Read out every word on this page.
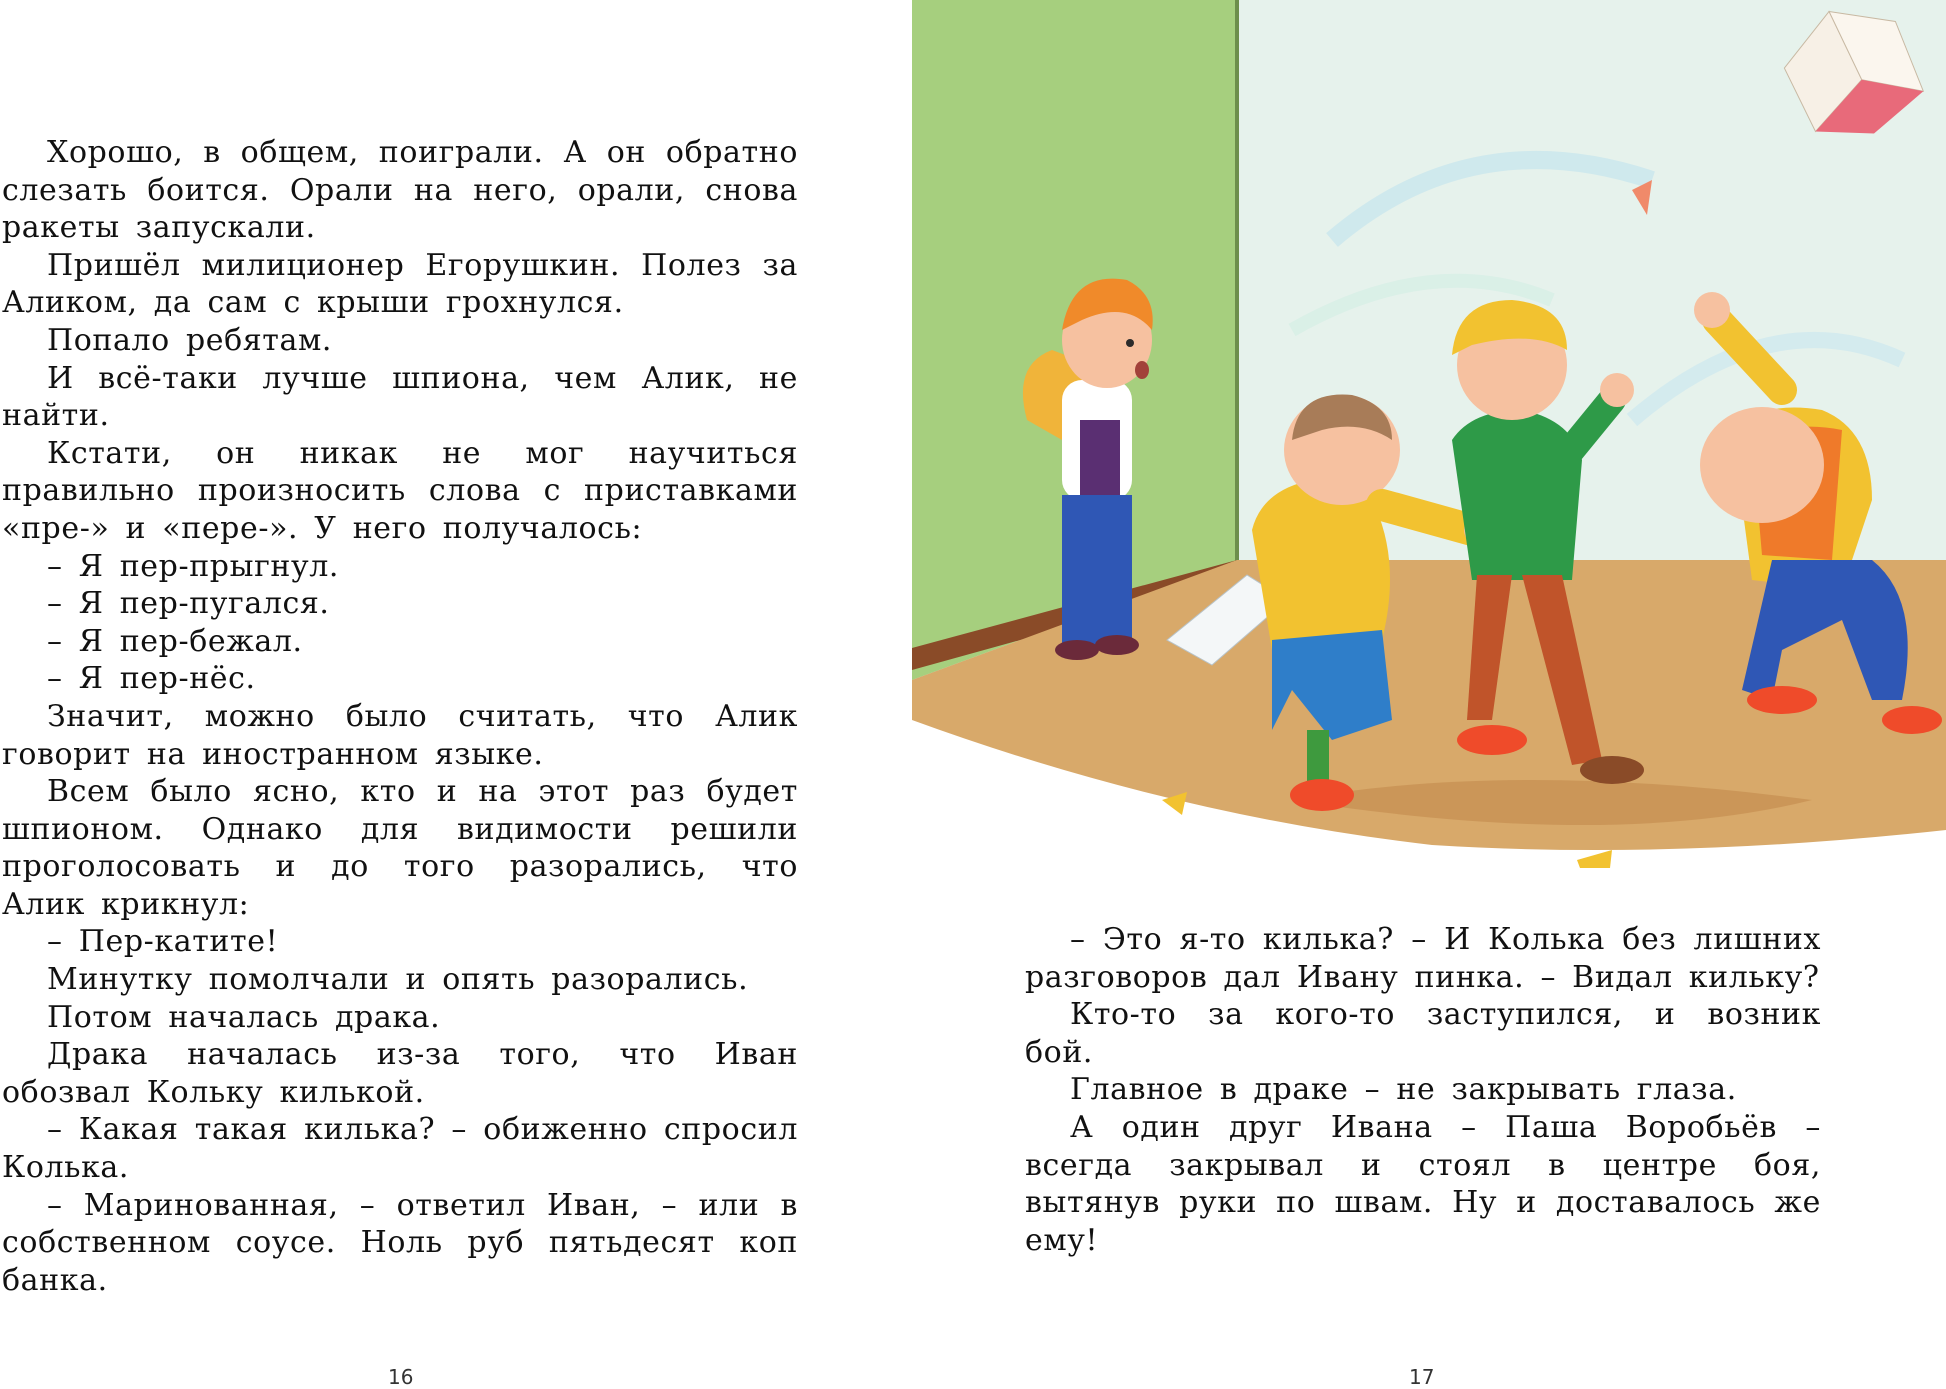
Хорошо, в общем, поиграли. А он обратно слезать боится. Орали на него, орали, снова ракеты запускали.

Пришёл милиционер Егорушкин. Полез за Аликом, да сам с крыши грохнулся.

Попало ребятам.

И всё-таки лучше шпиона, чем Алик, не найти.

Кстати, он никак не мог научиться правильно произносить слова с приставками «пре-» и «пере-». У него получалось:

– Я пер-прыгнул.

– Я пер-пугался.

– Я пер-бежал.

– Я пер-нёс.

Значит, можно было считать, что Алик говорит на иностранном языке.

Всем было ясно, кто и на этот раз будет шпионом. Однако для видимости решили проголосовать и до того разорались, что Алик крикнул:

– Пер-катите!

Минутку помолчали и опять разорались.

Потом началась драка.

Драка началась из-за того, что Иван обозвал Кольку килькой.

– Какая такая килька? – обиженно спросил Колька.

– Маринованная, – ответил Иван, – или в собственном соусе. Ноль руб пятьдесят коп банка.

16

– Это я-то килька? – И Колька без лишних разговоров дал Ивану пинка. – Видал кильку?

Кто-то за кого-то заступился, и возник бой.

Главное в драке – не закрывать глаза.

А один друг Ивана – Паша Воробьёв – всегда закрывал и стоял в центре боя, вытянув руки по швам. Ну и доставалось же ему!

17
